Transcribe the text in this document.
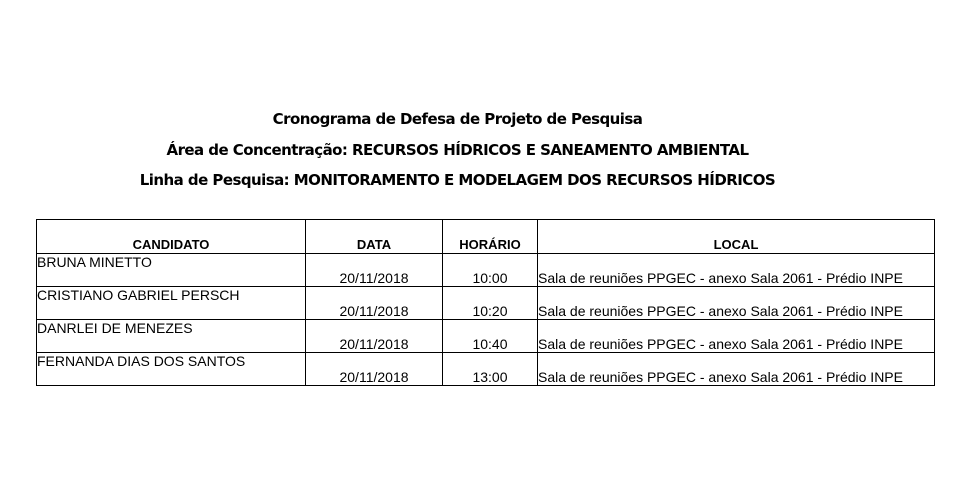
Cronograma de Defesa de Projeto de Pesquisa
Área de Concentração: RECURSOS HÍDRICOS E SANEAMENTO AMBIENTAL
Linha de Pesquisa: MONITORAMENTO E MODELAGEM DOS RECURSOS HÍDRICOS
CANDIDATO	DATA	HORÁRIO	LOCAL
BRUNA MINETTO	20/11/2018	10:00	Sala de reuniões PPGEC - anexo Sala 2061 - Prédio INPE
CRISTIANO GABRIEL PERSCH	20/11/2018	10:20	Sala de reuniões PPGEC - anexo Sala 2061 - Prédio INPE
DANRLEI DE MENEZES	20/11/2018	10:40	Sala de reuniões PPGEC - anexo Sala 2061 - Prédio INPE
FERNANDA DIAS DOS SANTOS	20/11/2018	13:00	Sala de reuniões PPGEC - anexo Sala 2061 - Prédio INPE
